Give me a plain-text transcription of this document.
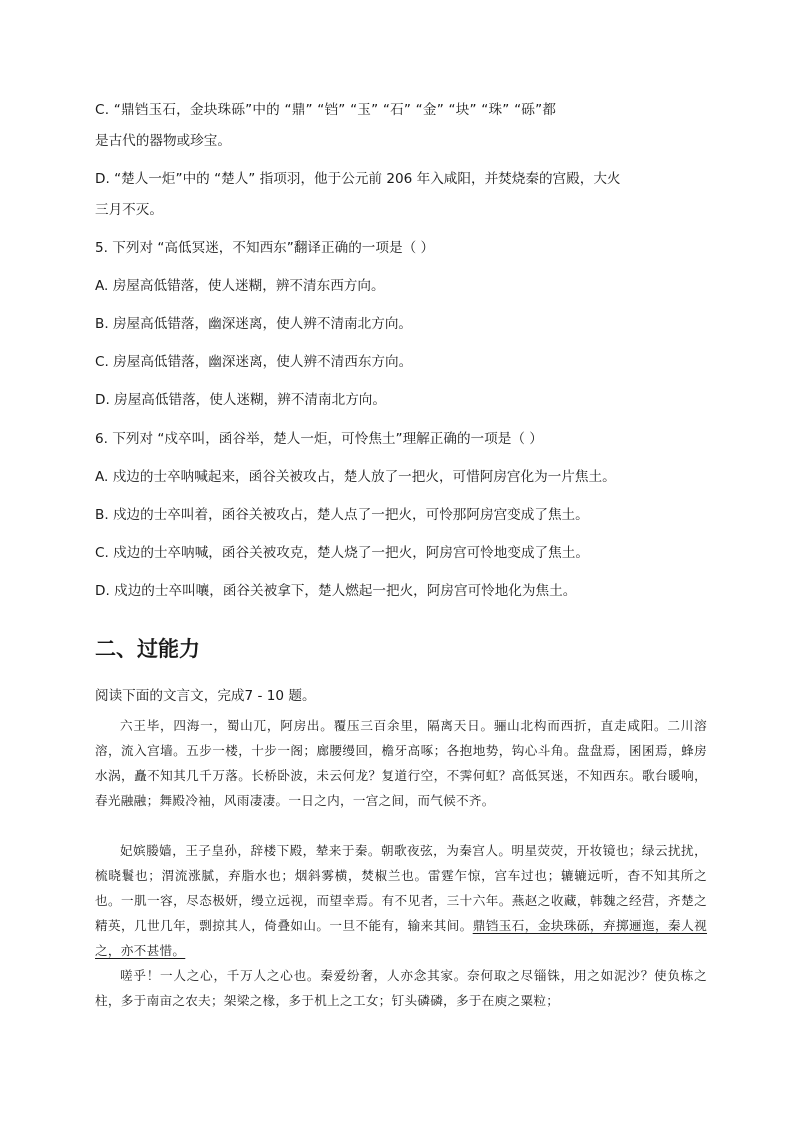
C. “鼎铛玉石，金块珠砾”中的 “鼎” “铛” “玉” “石” “金” “块” “珠” “砾”都
是古代的器物或珍宝。
D. “楚人一炬”中的 “楚人” 指项羽，他于公元前 206 年入咸阳，并焚烧秦的宫殿，大火
三月不灭。
5. 下列对 “高低冥迷，不知西东”翻译正确的一项是（ ）
A. 房屋高低错落，使人迷糊，辨不清东西方向。
B. 房屋高低错落，幽深迷离，使人辨不清南北方向。
C. 房屋高低错落，幽深迷离，使人辨不清西东方向。
D. 房屋高低错落，使人迷糊，辨不清南北方向。
6. 下列对 “戍卒叫，函谷举，楚人一炬，可怜焦土”理解正确的一项是（ ）
A. 戍边的士卒呐喊起来，函谷关被攻占，楚人放了一把火，可惜阿房宫化为一片焦土。
B. 戍边的士卒叫着，函谷关被攻占，楚人点了一把火，可怜那阿房宫变成了焦土。
C. 戍边的士卒呐喊，函谷关被攻克，楚人烧了一把火，阿房宫可怜地变成了焦土。
D. 戍边的士卒叫嚷，函谷关被拿下，楚人燃起一把火，阿房宫可怜地化为焦土。
二、过能力
阅读下面的文言文，完成7 - 10 题。
六王毕，四海一，蜀山兀，阿房出。覆压三百余里，隔离天日。骊山北构而西折，直走咸阳。二川溶溶，流入宫墙。五步一楼，十步一阁；廊腰缦回，檐牙高啄；各抱地势，钩心斗角。盘盘焉，囷囷焉，蜂房水涡，矗不知其几千万落。长桥卧波，未云何龙？复道行空，不霁何虹？高低冥迷，不知西东。歌台暖响，春光融融；舞殿冷袖，风雨凄凄。一日之内，一宫之间，而气候不齐。
妃嫔媵嫱，王子皇孙，辞楼下殿，辇来于秦。朝歌夜弦，为秦宫人。明星荧荧，开妆镜也；绿云扰扰，梳晓鬟也；渭流涨腻，弃脂水也；烟斜雾横，焚椒兰也。雷霆乍惊，宫车过也；辘辘远听，杳不知其所之也。一肌一容，尽态极妍，缦立远视，而望幸焉。有不见者，三十六年。燕赵之收藏，韩魏之经营，齐楚之精英，几世几年，剽掠其人，倚叠如山。一旦不能有，输来其间。鼎铛玉石，金块珠砾，弃掷逦迤，秦人视之，亦不甚惜。
嗟乎！一人之心，千万人之心也。秦爱纷奢，人亦念其家。奈何取之尽锱铢，用之如泥沙？使负栋之柱，多于南亩之农夫；架梁之椽，多于机上之工女；钉头磷磷，多于在庾之粟粒；
